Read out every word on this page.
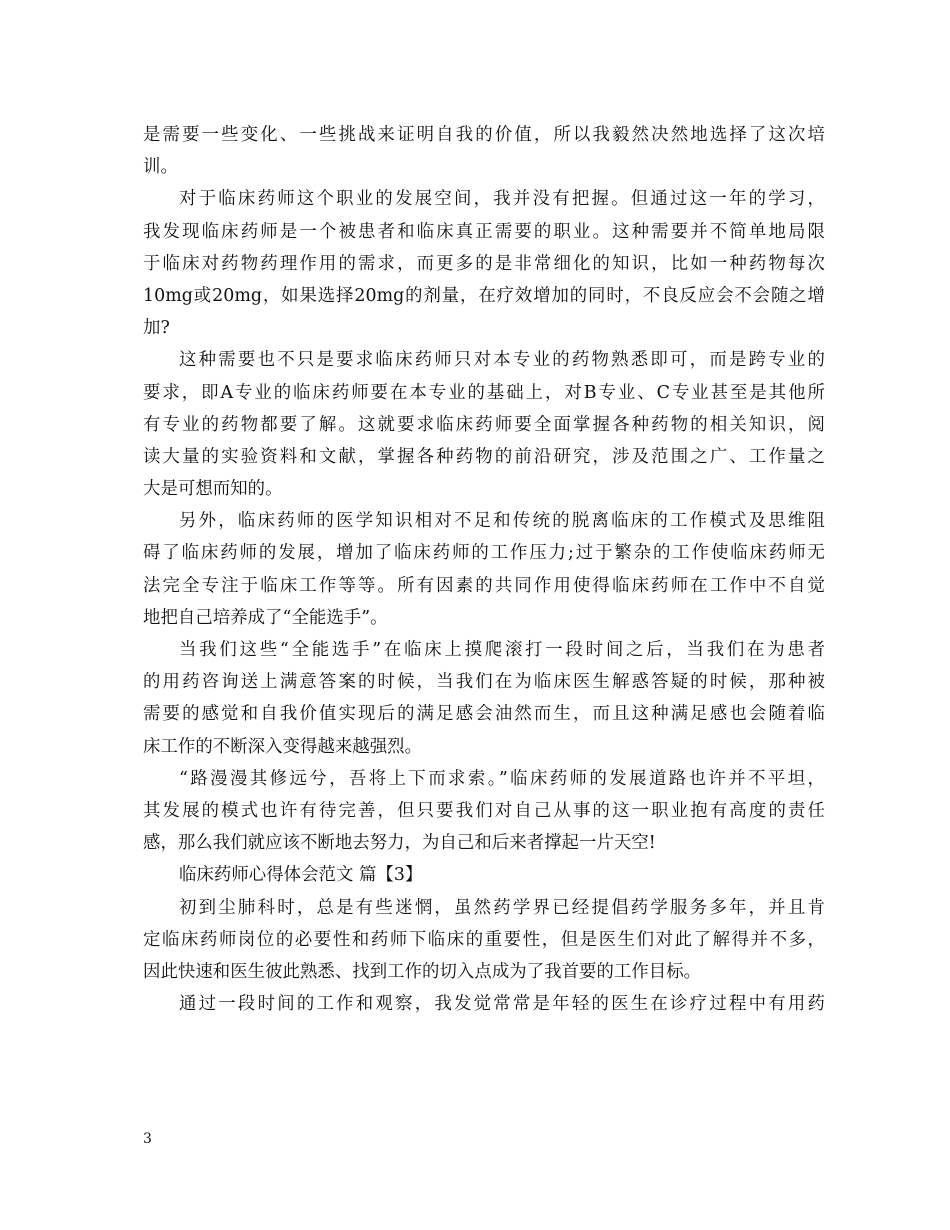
是需要一些变化、一些挑战来证明自我的价值，所以我毅然决然地选择了这次培
训。
对于临床药师这个职业的发展空间，我并没有把握。但通过这一年的学习，
我发现临床药师是一个被患者和临床真正需要的职业。这种需要并不简单地局限
于临床对药物药理作用的需求，而更多的是非常细化的知识，比如一种药物每次
10mg或20mg，如果选择20mg的剂量，在疗效增加的同时，不良反应会不会随之增
加?
这种需要也不只是要求临床药师只对本专业的药物熟悉即可，而是跨专业的
要求，即A专业的临床药师要在本专业的基础上，对B专业、C专业甚至是其他所
有专业的药物都要了解。这就要求临床药师要全面掌握各种药物的相关知识，阅
读大量的实验资料和文献，掌握各种药物的前沿研究，涉及范围之广、工作量之
大是可想而知的。
另外，临床药师的医学知识相对不足和传统的脱离临床的工作模式及思维阻
碍了临床药师的发展，增加了临床药师的工作压力;过于繁杂的工作使临床药师无
法完全专注于临床工作等等。所有因素的共同作用使得临床药师在工作中不自觉
地把自己培养成了“全能选手”。
当我们这些“全能选手”在临床上摸爬滚打一段时间之后，当我们在为患者
的用药咨询送上满意答案的时候，当我们在为临床医生解惑答疑的时候，那种被
需要的感觉和自我价值实现后的满足感会油然而生，而且这种满足感也会随着临
床工作的不断深入变得越来越强烈。
“路漫漫其修远兮，吾将上下而求索。”临床药师的发展道路也许并不平坦，
其发展的模式也许有待完善，但只要我们对自己从事的这一职业抱有高度的责任
感，那么我们就应该不断地去努力，为自己和后来者撑起一片天空!
临床药师心得体会范文 篇【3】
初到尘肺科时，总是有些迷惘，虽然药学界已经提倡药学服务多年，并且肯
定临床药师岗位的必要性和药师下临床的重要性，但是医生们对此了解得并不多，
因此快速和医生彼此熟悉、找到工作的切入点成为了我首要的工作目标。
通过一段时间的工作和观察，我发觉常常是年轻的医生在诊疗过程中有用药
3
